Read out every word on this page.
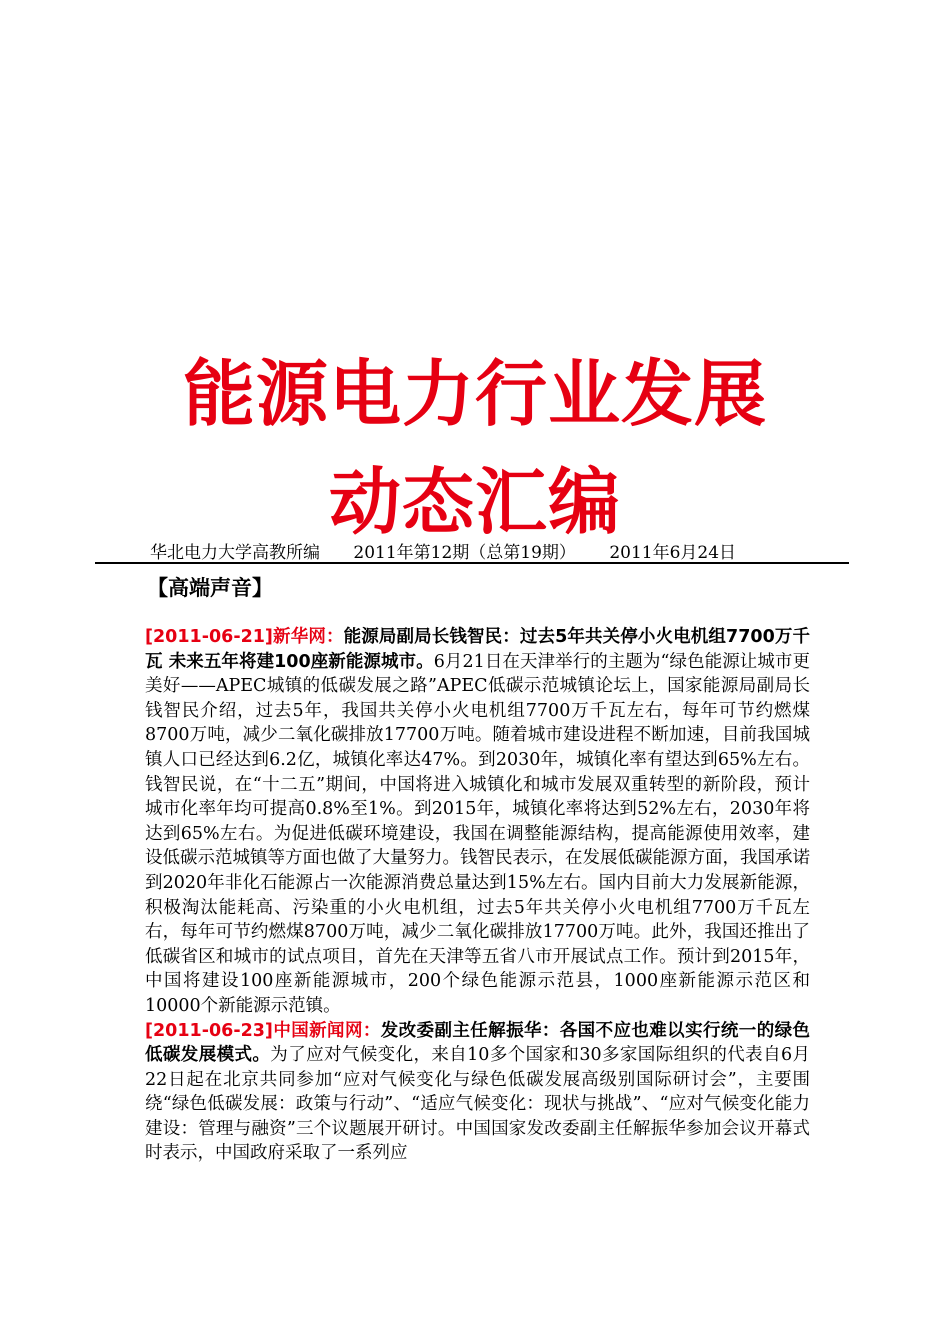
能源电力行业发展
动态汇编
华北电力大学高教所编 2011年第12期（总第19期） 2011年6月24日
【高端声音】

[2011-06-21]新华网：能源局副局长钱智民：过去5年共关停小火电机组7700万千瓦 未来五年将建100座新能源城市。6月21日在天津举行的主题为“绿色能源让城市更美好——APEC城镇的低碳发展之路”APEC低碳示范城镇论坛上，国家能源局副局长钱智民介绍，过去5年，我国共关停小火电机组7700万千瓦左右，每年可节约燃煤8700万吨，减少二氧化碳排放17700万吨。随着城市建设进程不断加速，目前我国城镇人口已经达到6.2亿，城镇化率达47%。到2030年，城镇化率有望达到65%左右。钱智民说，在“十二五”期间，中国将进入城镇化和城市发展双重转型的新阶段，预计城市化率年均可提高0.8%至1%。到2015年，城镇化率将达到52%左右，2030年将达到65%左右。为促进低碳环境建设，我国在调整能源结构，提高能源使用效率，建设低碳示范城镇等方面也做了大量努力。钱智民表示，在发展低碳能源方面，我国承诺到2020年非化石能源占一次能源消费总量达到15%左右。国内目前大力发展新能源，积极淘汰能耗高、污染重的小火电机组，过去5年共关停小火电机组7700万千瓦左右，每年可节约燃煤8700万吨，减少二氧化碳排放17700万吨。此外，我国还推出了低碳省区和城市的试点项目，首先在天津等五省八市开展试点工作。预计到2015年，中国将建设100座新能源城市，200个绿色能源示范县，1000座新能源示范区和10000个新能源示范镇。

[2011-06-23]中国新闻网：发改委副主任解振华：各国不应也难以实行统一的绿色低碳发展模式。为了应对气候变化，来自10多个国家和30多家国际组织的代表自6月22日起在北京共同参加“应对气候变化与绿色低碳发展高级别国际研讨会”，主要围绕“绿色低碳发展：政策与行动”、“适应气候变化：现状与挑战”、“应对气候变化能力建设：管理与融资”三个议题展开研讨。中国国家发改委副主任解振华参加会议开幕式时表示，中国政府采取了一系列应
